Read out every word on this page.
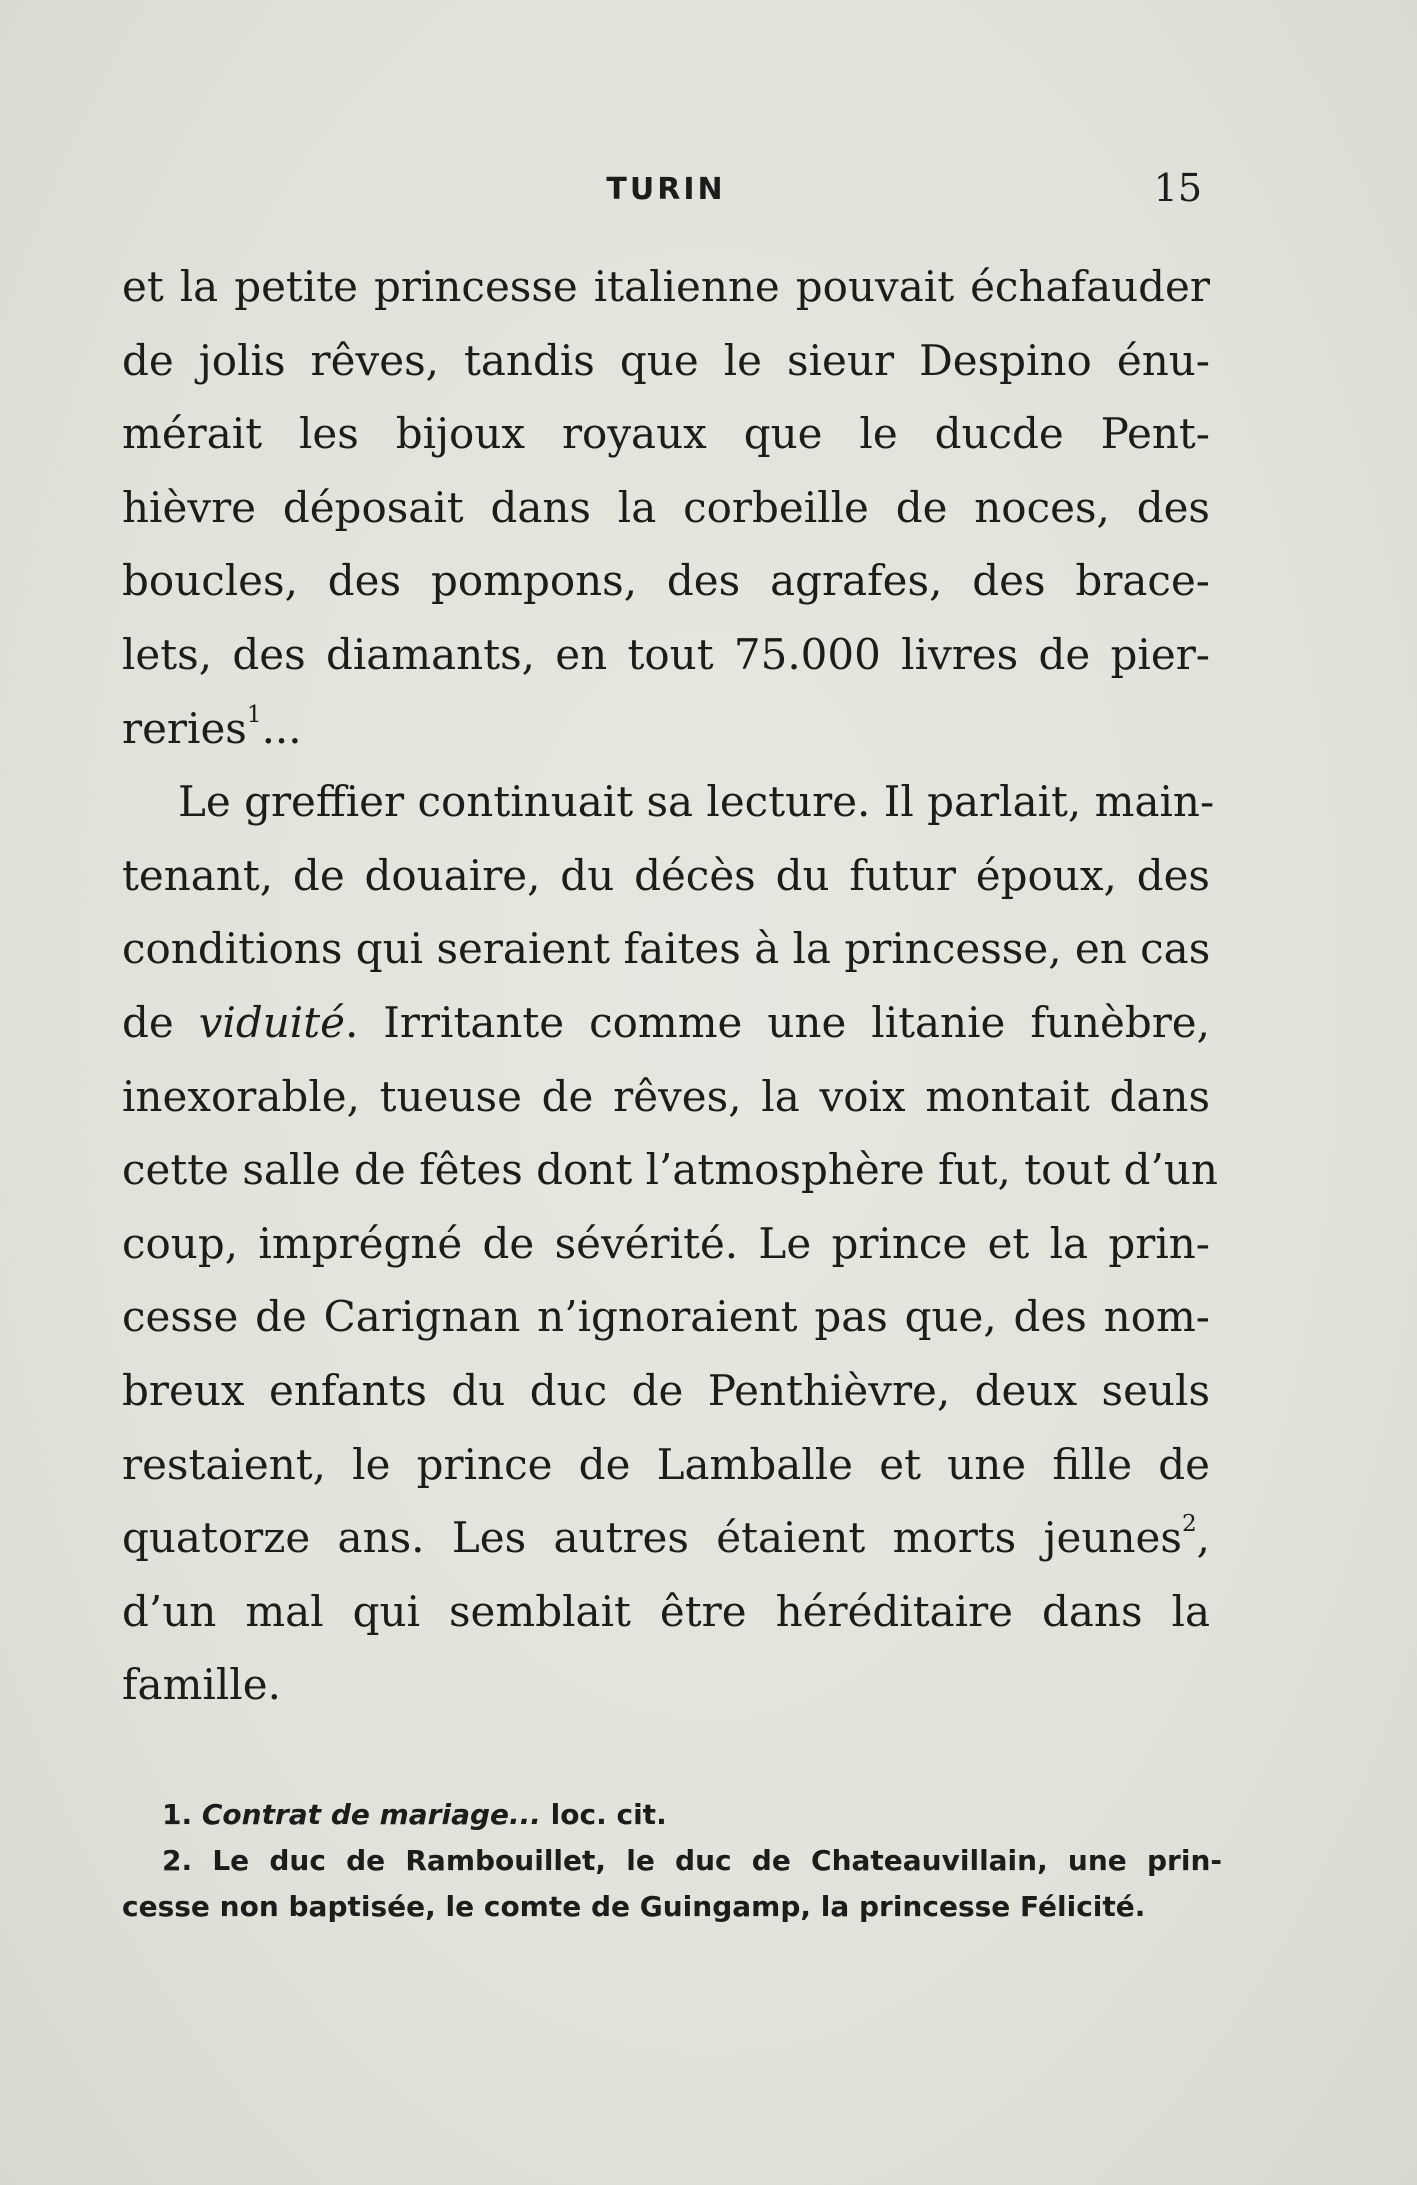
TURIN	15
et la petite princesse italienne pouvait échafauder
de jolis rêves, tandis que le sieur Despino énu-
mérait les bijoux royaux que le ducde Pent-
hièvre déposait dans la corbeille de noces, des
boucles, des pompons, des agrafes, des brace-
lets, des diamants, en tout 75.000 livres de pier-
reries$^1$...
Le greffier continuait sa lecture. Il parlait, main-
tenant, de douaire, du décès du futur époux, des
conditions qui seraient faites à la princesse, en cas
de viduité. Irritante comme une litanie funèbre,
inexorable, tueuse de rêves, la voix montait dans
cette salle de fêtes dont l’atmosphère fut, tout d’un
coup, imprégné de sévérité. Le prince et la prin-
cesse de Carignan n’ignoraient pas que, des nom-
breux enfants du duc de Penthièvre, deux seuls
restaient, le prince de Lamballe et une fille de
quatorze ans. Les autres étaient morts jeunes$^2$,
d’un mal qui semblait être héréditaire dans la
famille.
1. Contrat de mariage... loc. cit.
2. Le duc de Rambouillet, le duc de Chateauvillain, une prin-
cesse non baptisée, le comte de Guingamp, la princesse Félicité.
